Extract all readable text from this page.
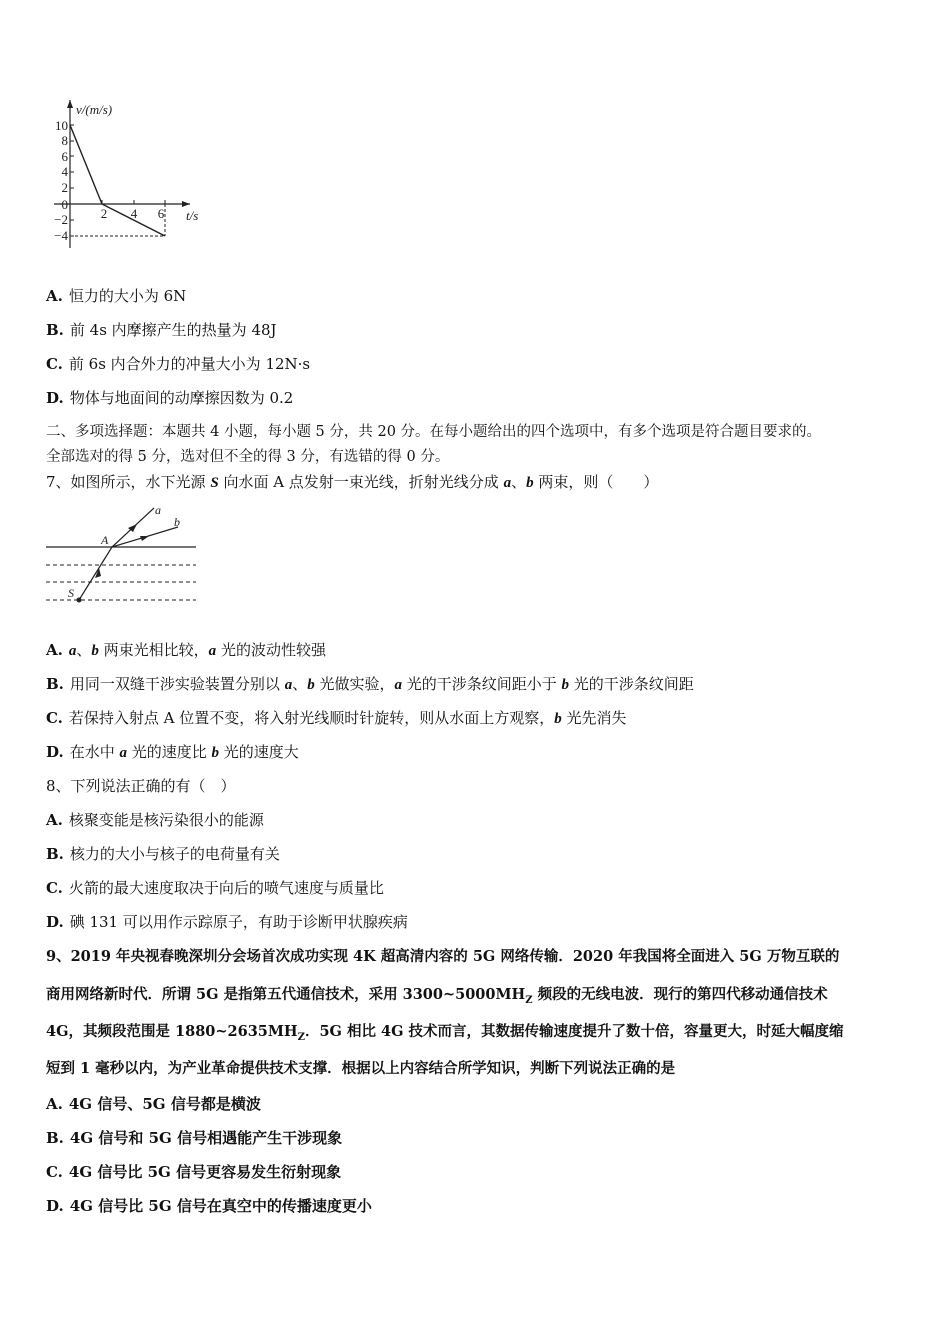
10
8
6
4
2
0
−2
−4
2 4 6
v/(m/s)
t/s
A. 恒力的大小为 6N
B. 前 4s 内摩擦产生的热量为 48J
C. 前 6s 内合外力的冲量大小为 12N·s
D. 物体与地面间的动摩擦因数为 0.2
二、多项选择题：本题共 4 小题，每小题 5 分，共 20 分。在每小题给出的四个选项中，有多个选项是符合题目要求的。
全部选对的得 5 分，选对但不全的得 3 分，有选错的得 0 分。
7、如图所示，水下光源 S 向水面 A 点发射一束光线，折射光线分成 a、b 两束，则（　　）
a
b
A
S
A. a、b 两束光相比较，a 光的波动性较强
B. 用同一双缝干涉实验装置分别以 a、b 光做实验，a 光的干涉条纹间距小于 b 光的干涉条纹间距
C. 若保持入射点 A 位置不变，将入射光线顺时针旋转，则从水面上方观察，b 光先消失
D. 在水中 a 光的速度比 b 光的速度大
8、下列说法正确的有（　）
A. 核聚变能是核污染很小的能源
B. 核力的大小与核子的电荷量有关
C. 火箭的最大速度取决于向后的喷气速度与质量比
D. 碘 131 可以用作示踪原子，有助于诊断甲状腺疾病
9、2019 年央视春晚深圳分会场首次成功实现 4K 超高清内容的 5G 网络传输．2020 年我国将全面进入 5G 万物互联的
商用网络新时代．所谓 5G 是指第五代通信技术，采用 $3300\sim 5000MH_Z$ 频段的无线电波．现行的第四代移动通信技术
4G，其频段范围是 $1880\sim 2635MH_Z$．5G 相比 4G 技术而言，其数据传输速度提升了数十倍，容量更大，时延大幅度缩
短到 1 毫秒以内，为产业革命提供技术支撑．根据以上内容结合所学知识，判断下列说法正确的是
A. 4G 信号、5G 信号都是横波
B. 4G 信号和 5G 信号相遇能产生干涉现象
C. 4G 信号比 5G 信号更容易发生衍射现象
D. 4G 信号比 5G 信号在真空中的传播速度更小
